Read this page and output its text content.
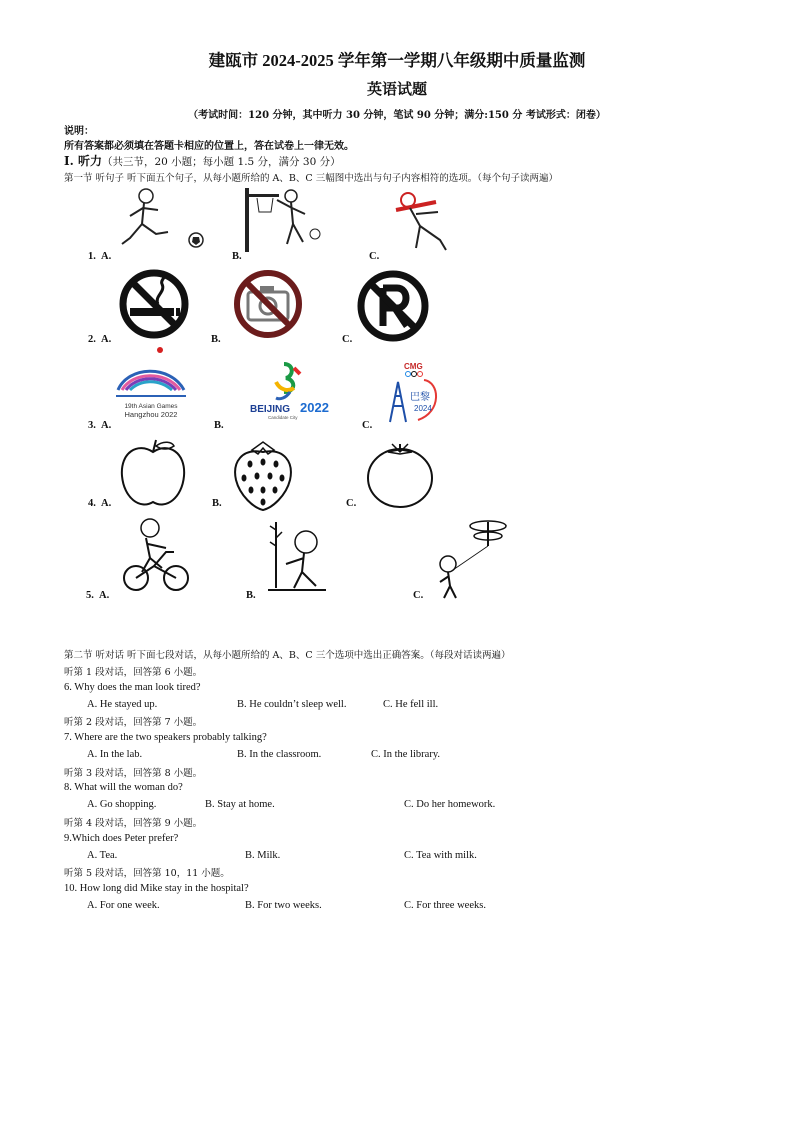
建瓯市 2024-2025 学年第一学期八年级期中质量监测
英语试题
（考试时间：120 分钟，其中听力 30 分钟，笔试 90 分钟；满分:150 分 考试形式：闭卷）
说明：
所有答案都必须填在答题卡相应的位置上，答在试卷上一律无效。
I. 听力（共三节，20 小题；每小题 1.5 分，满分 30 分）
第一节 听句子 听下面五个句子，从每小题所给的 A、B、C 三幅图中选出与句子内容相符的选项。（每个句子读两遍）
1. A.	B.	C.
2. A.	B.	C.
19th Asian Games
Hangzhou 2022	BEIJING 2022
Candidate City
CMG
巴黎
2024
3. A.	B.	C.
4. A.	B.	C.
5. A.	B.	C.
第二节 听对话 听下面七段对话，从每小题所给的 A、B、C 三个选项中选出正确答案。（每段对话读两遍）
听第 1 段对话，回答第 6 小题。
6. Why does the man look tired?
A. He stayed up.	B. He couldn’t sleep well.	C. He fell ill.
听第 2 段对话，回答第 7 小题。
7. Where are the two speakers probably talking?
A. In the lab.	B. In the classroom.	C. In the library.
听第 3 段对话，回答第 8 小题。
8. What will the woman do?
A. Go shopping.	B. Stay at home.	C. Do her homework.
听第 4 段对话，回答第 9 小题。
9.Which does Peter prefer?
A. Tea.	B. Milk.	C. Tea with milk.
听第 5 段对话，回答第 10，11 小题。
10. How long did Mike stay in the hospital?
A. For one week.	B. For two weeks.	C. For three weeks.
